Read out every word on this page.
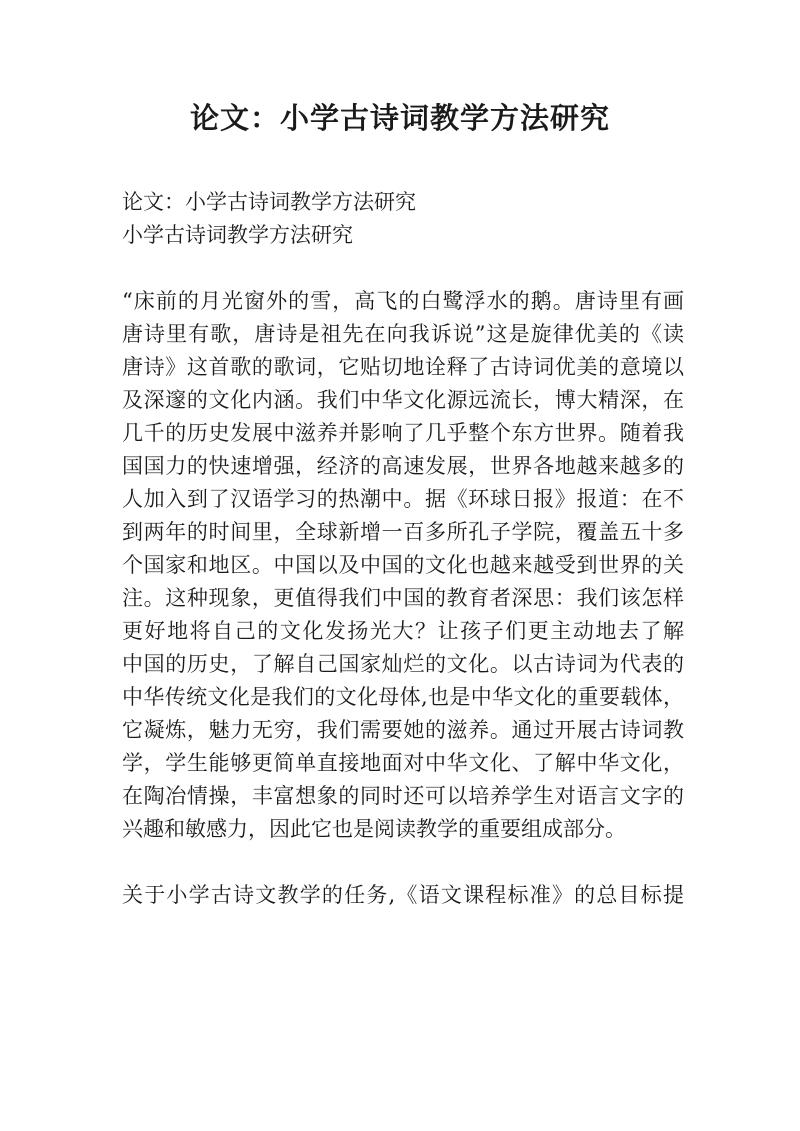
论文：小学古诗词教学方法研究
论文：小学古诗词教学方法研究
小学古诗词教学方法研究
“床前的月光窗外的雪，高飞的白鹭浮水的鹅。唐诗里有画
唐诗里有歌，唐诗是祖先在向我诉说”这是旋律优美的《读
唐诗》这首歌的歌词，它贴切地诠释了古诗词优美的意境以
及深邃的文化内涵。我们中华文化源远流长，博大精深，在
几千的历史发展中滋养并影响了几乎整个东方世界。随着我
国国力的快速增强，经济的高速发展，世界各地越来越多的
人加入到了汉语学习的热潮中。据《环球日报》报道：在不
到两年的时间里，全球新增一百多所孔子学院，覆盖五十多
个国家和地区。中国以及中国的文化也越来越受到世界的关
注。这种现象，更值得我们中国的教育者深思：我们该怎样
更好地将自己的文化发扬光大？让孩子们更主动地去了解
中国的历史，了解自己国家灿烂的文化。以古诗词为代表的
中华传统文化是我们的文化母体,也是中华文化的重要载体，
它凝炼，魅力无穷，我们需要她的滋养。通过开展古诗词教
学，学生能够更简单直接地面对中华文化、了解中华文化，
在陶冶情操，丰富想象的同时还可以培养学生对语言文字的
兴趣和敏感力，因此它也是阅读教学的重要组成部分。
关于小学古诗文教学的任务,《语文课程标准》的总目标提
